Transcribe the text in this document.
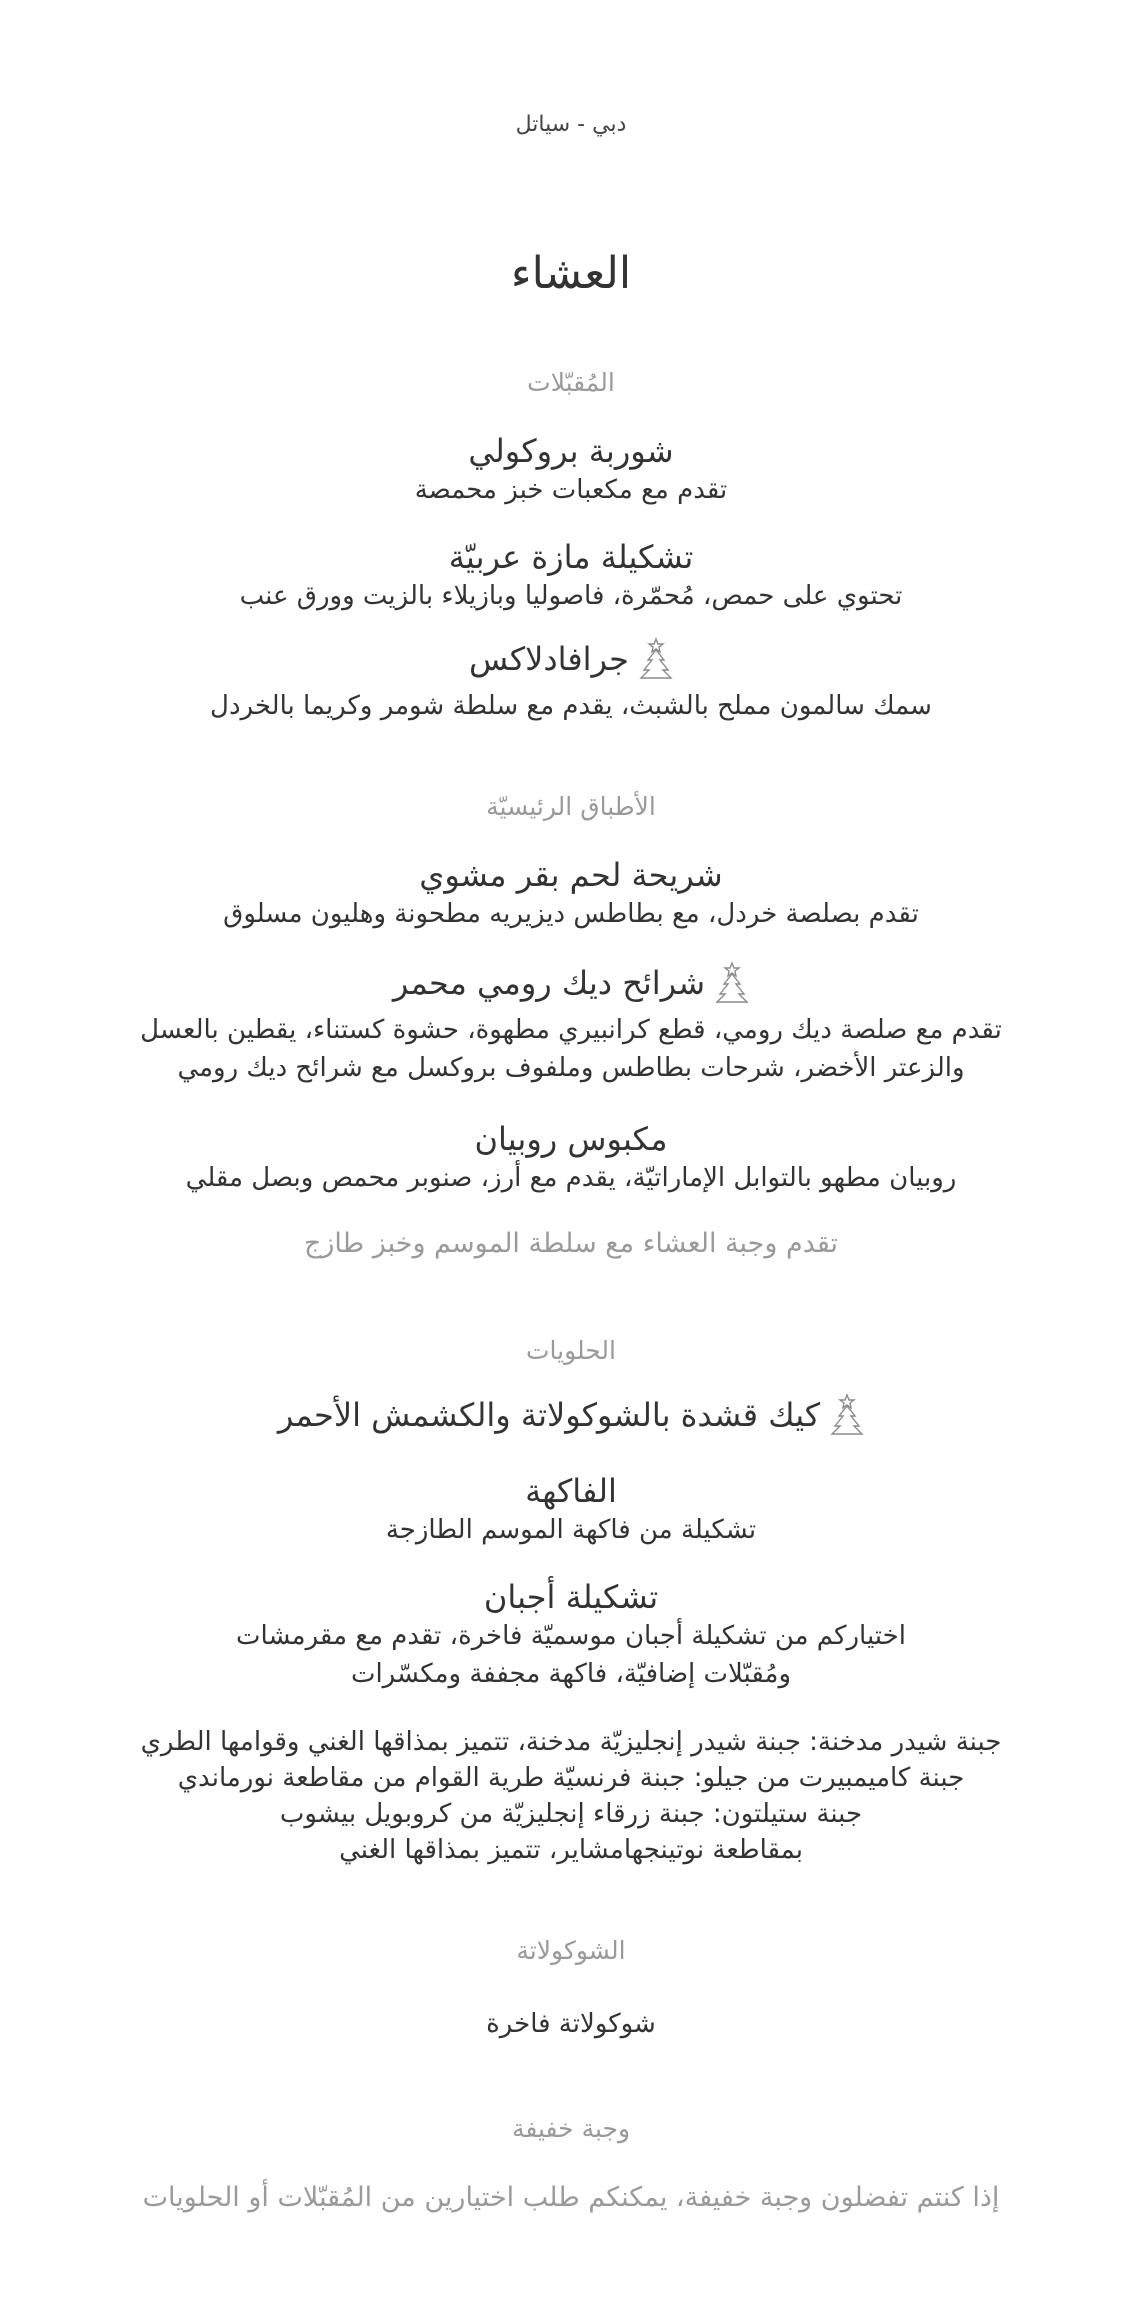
دبي - سياتل
العشاء
المُقبّلات
شوربة بروكولي
تقدم مع مكعبات خبز محمصة
تشكيلة مازة عربيّة
تحتوي على حمص، مُحمّرة، فاصوليا وبازيلاء بالزيت وورق عنب
جرافادلاكس
سمك سالمون مملح بالشبث، يقدم مع سلطة شومر وكريما بالخردل
الأطباق الرئيسيّة
شريحة لحم بقر مشوي
تقدم بصلصة خردل، مع بطاطس ديزيريه مطحونة وهليون مسلوق
شرائح ديك رومي محمر
تقدم مع صلصة ديك رومي، قطع كرانبيري مطهوة، حشوة كستناء، يقطين بالعسل
والزعتر الأخضر، شرحات بطاطس وملفوف بروكسل مع شرائح ديك رومي
مكبوس روبيان
روبيان مطهو بالتوابل الإماراتيّة، يقدم مع أرز، صنوبر محمص وبصل مقلي
تقدم وجبة العشاء مع سلطة الموسم وخبز طازج
الحلويات
كيك قشدة بالشوكولاتة والكشمش الأحمر
الفاكهة
تشكيلة من فاكهة الموسم الطازجة
تشكيلة أجبان
اختياركم من تشكيلة أجبان موسميّة فاخرة، تقدم مع مقرمشات
ومُقبّلات إضافيّة، فاكهة مجففة ومكسّرات
جبنة شيدر مدخنة: جبنة شيدر إنجليزيّة مدخنة، تتميز بمذاقها الغني وقوامها الطري
جبنة كاميمبيرت من جيلو: جبنة فرنسيّة طرية القوام من مقاطعة نورماندي
جبنة ستيلتون: جبنة زرقاء إنجليزيّة من كروبويل بيشوب
بمقاطعة نوتينجهامشاير، تتميز بمذاقها الغني
الشوكولاتة
شوكولاتة فاخرة
وجبة خفيفة
إذا كنتم تفضلون وجبة خفيفة، يمكنكم طلب اختيارين من المُقبّلات أو الحلويات
